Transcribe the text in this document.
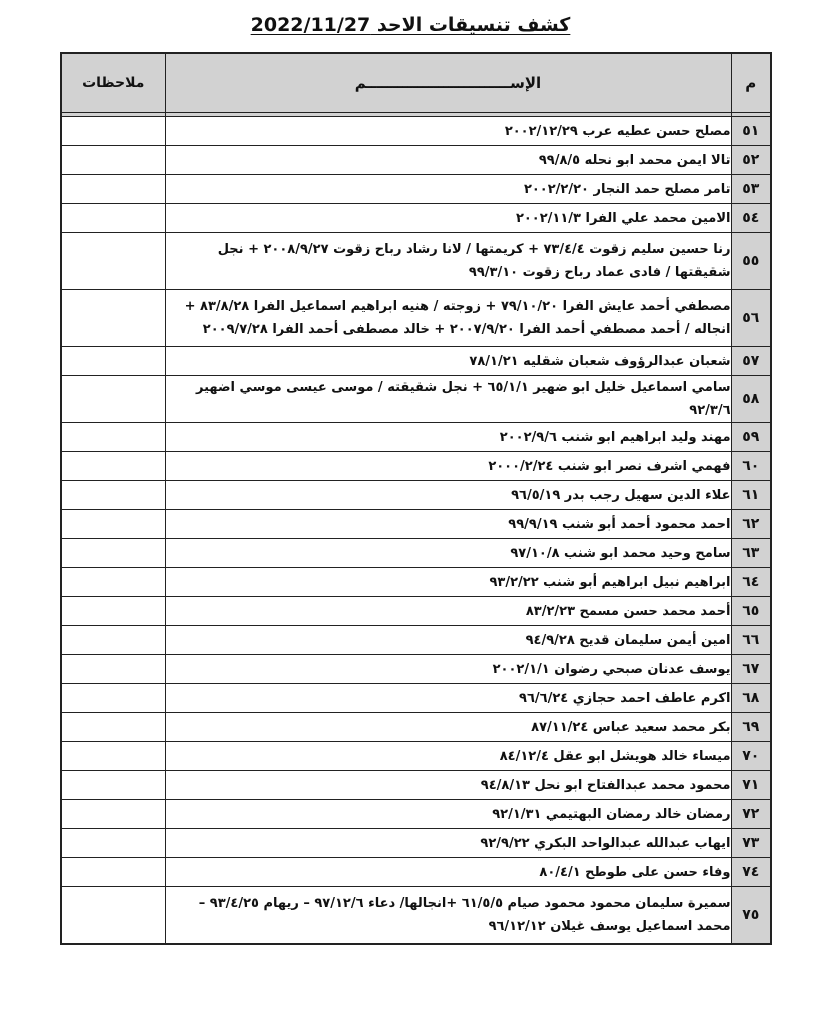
كشف تنسيقات الاحد 2022/11/27
م	الإســــــــــــــــــــــــــــم	ملاحظات

٥١	مصلح حسن عطيه عرب ٢٠٠٢/١٢/٢٩	
٥٢	تالا ايمن محمد ابو نحله ٩٩/٨/٥	
٥٣	تامر مصلح حمد النجار ٢٠٠٢/٢/٢٠	
٥٤	الامين محمد علي الفرا ٢٠٠٢/١١/٣	
٥٥	رنا حسين سليم زقوت ٧٣/٤/٤ + كريمتها / لانا رشاد رباح زقوت ٢٠٠٨/٩/٢٧ + نجل شقيقتها / فادى عماد رباح زقوت ٩٩/٣/١٠	
٥٦	مصطفي أحمد عايش الفرا ٧٩/١٠/٢٠ + زوجته / هنيه ابراهيم اسماعيل الفرا ٨٣/٨/٢٨ + انجاله / أحمد مصطفي أحمد الفرا ٢٠٠٧/٩/٢٠ + خالد مصطفى أحمد الفرا ٢٠٠٩/٧/٢٨	
٥٧	شعبان عبدالرؤوف شعبان شقليه ٧٨/١/٢١	
٥٨	سامي اسماعيل خليل ابو ضهير ٦٥/١/١ + نجل شقيقته / موسى عيسى موسي اضهير ٩٢/٣/٦	
٥٩	مهند وليد ابراهيم ابو شنب ٢٠٠٢/٩/٦	
٦٠	فهمي اشرف نصر ابو شنب ٢٠٠٠/٢/٢٤	
٦١	علاء الدين سهيل رجب بدر ٩٦/٥/١٩	
٦٢	احمد محمود أحمد أبو شنب ٩٩/٩/١٩	
٦٣	سامح وحيد محمد ابو شنب ٩٧/١٠/٨	
٦٤	ابراهيم نبيل ابراهيم أبو شنب ٩٣/٢/٢٢	
٦٥	أحمد محمد حسن مسمح ٨٣/٢/٢٣	
٦٦	امين أيمن سليمان قديح ٩٤/٩/٢٨	
٦٧	يوسف عدنان صبحي رضوان ٢٠٠٢/١/١	
٦٨	اكرم عاطف احمد حجازي ٩٦/٦/٢٤	
٦٩	بكر محمد سعيد عباس ٨٧/١١/٢٤	
٧٠	ميساء خالد هويشل ابو عقل ٨٤/١٢/٤	
٧١	محمود محمد عبدالفتاح ابو نحل ٩٤/٨/١٣	
٧٢	رمضان خالد رمضان البهتيمي ٩٢/١/٣١	
٧٣	ايهاب عبدالله عبدالواحد البكري ٩٢/٩/٢٢	
٧٤	وفاء حسن على طوطح ٨٠/٤/١	
٧٥	سميرة سليمان محمود محمود صيام ٦١/٥/٥ +انجالها/ دعاء ٩٧/١٢/٦ – ريهام ٩٣/٤/٢٥ – محمد اسماعيل يوسف غيلان ٩٦/١٢/١٢	
